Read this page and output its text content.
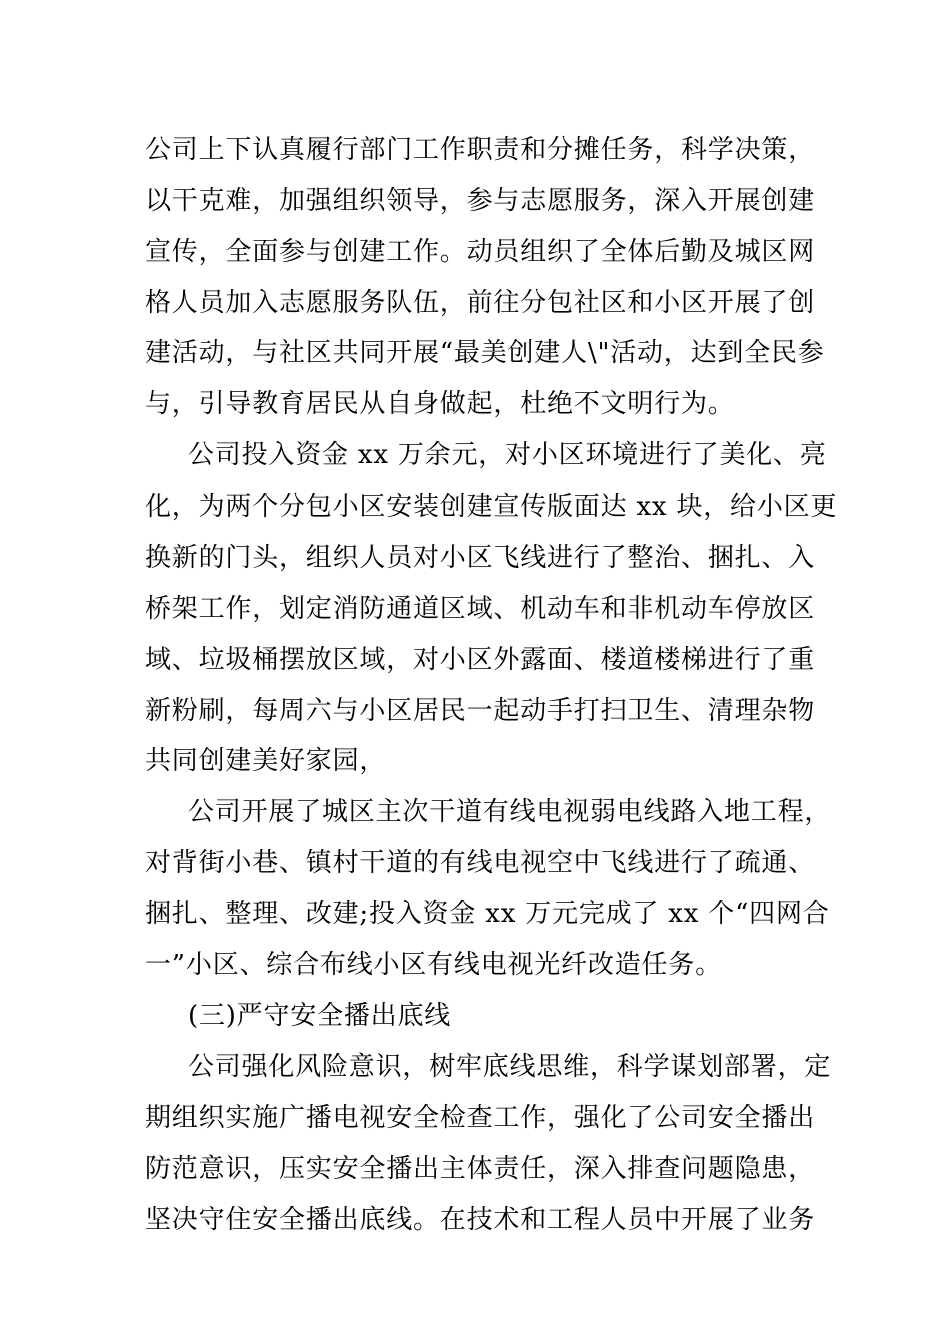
公司上下认真履行部门工作职责和分摊任务，科学决策，
以干克难，加强组织领导，参与志愿服务，深入开展创建
宣传，全面参与创建工作。动员组织了全体后勤及城区网
格人员加入志愿服务队伍，前往分包社区和小区开展了创
建活动，与社区共同开展“最美创建人\"活动，达到全民参
与，引导教育居民从自身做起，杜绝不文明行为。
公司投入资金 xx 万余元，对小区环境进行了美化、亮
化，为两个分包小区安装创建宣传版面达 xx 块，给小区更
换新的门头，组织人员对小区飞线进行了整治、捆扎、入
桥架工作，划定消防通道区域、机动车和非机动车停放区
域、垃圾桶摆放区域，对小区外露面、楼道楼梯进行了重
新粉刷，每周六与小区居民一起动手打扫卫生、清理杂物
共同创建美好家园，
公司开展了城区主次干道有线电视弱电线路入地工程，
对背街小巷、镇村干道的有线电视空中飞线进行了疏通、
捆扎、整理、改建;投入资金 xx 万元完成了 xx 个“四网合
一”小区、综合布线小区有线电视光纤改造任务。
(三)严守安全播出底线
公司强化风险意识，树牢底线思维，科学谋划部署，定
期组织实施广播电视安全检查工作，强化了公司安全播出
防范意识，压实安全播出主体责任，深入排查问题隐患，
坚决守住安全播出底线。在技术和工程人员中开展了业务
